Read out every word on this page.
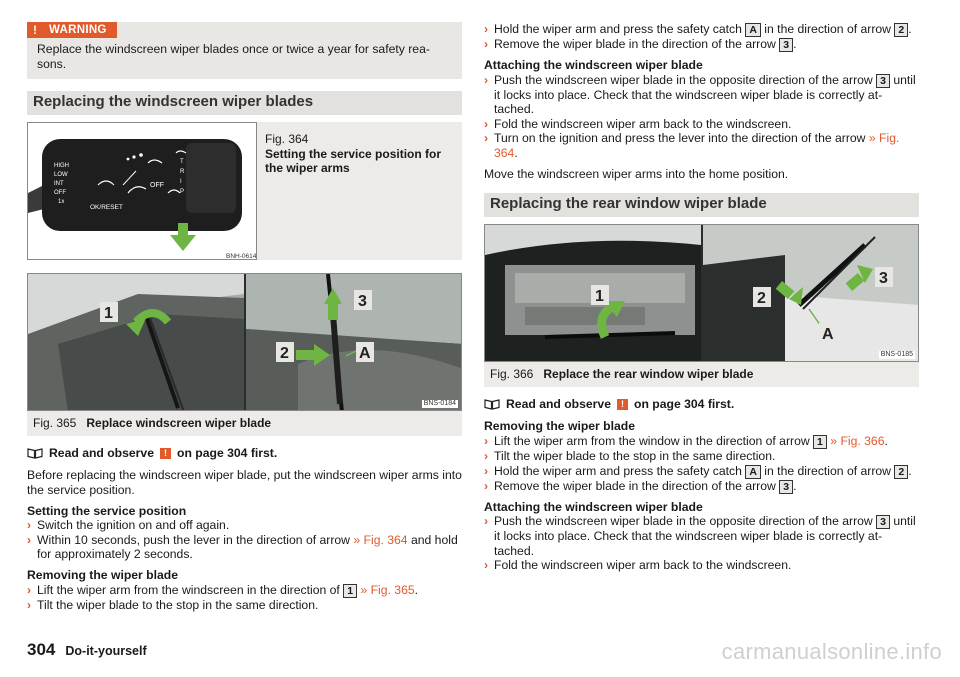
!	WARNING
Replace the windscreen wiper blades once or twice a year for safety rea-sons.
Replacing the windscreen wiper blades
HIGH
LOW
INT
OFF
1x
OK/RESET
OFF
T
R
I
P
BNH-0614
Fig. 364
Setting the service position for the wiper arms
1
2
3
A
BNS-0184
Fig. 365 Replace windscreen wiper blade
Read and observe	! on page 304 first.

Before replacing the windscreen wiper blade, put the windscreen wiper arms into the service position.

Setting the service position
› Switch the ignition on and off again.
› Within 10 seconds, push the lever in the direction of arrow » Fig. 364 and hold for approximately 2 seconds.
Removing the wiper blade
› Lift the wiper arm from the windscreen in the direction of 1 » Fig. 365.
› Tilt the wiper blade to the stop in the same direction.
› Hold the wiper arm and press the safety catch A in the direction of arrow 2 .
› Remove the wiper blade in the direction of the arrow 3 .
Attaching the windscreen wiper blade
› Push the windscreen wiper blade in the opposite direction of the arrow 3 until it locks into place. Check that the windscreen wiper blade is correctly at-tached.
› Fold the windscreen wiper arm back to the windscreen.
› Turn on the ignition and press the lever into the direction of the arrow » Fig. 364.

Move the windscreen wiper arms into the home position.

Replacing the rear window wiper blade
1	2
3
A
BNS-0185
Fig. 366 Replace the rear window wiper blade
Read and observe	! on page 304 first.
Removing the wiper blade
› Lift the wiper arm from the window in the direction of arrow 1 » Fig. 366.
› Tilt the wiper blade to the stop in the same direction.
› Hold the wiper arm and press the safety catch A in the direction of arrow 2 .
› Remove the wiper blade in the direction of the arrow 3 .
Attaching the windscreen wiper blade
› Push the windscreen wiper blade in the opposite direction of the arrow 3 until it locks into place. Check that the windscreen wiper blade is correctly at-tached.
› Fold the windscreen wiper arm back to the windscreen.
304 Do-it-yourself	carmanualsonline.info
